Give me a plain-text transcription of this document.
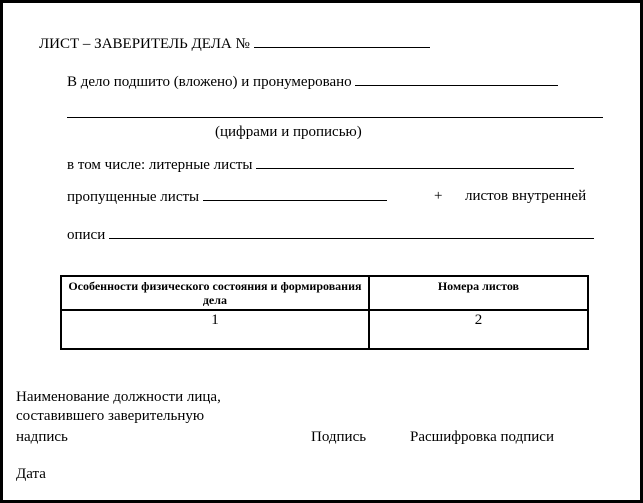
ЛИСТ – ЗАВЕРИТЕЛЬ ДЕЛА №
В дело подшито (вложено) и пронумеровано
(цифрами и прописью)
в том числе: литерные листы
пропущенные листы	+ листов внутренней
описи
Особенности физического состояния и формирования дела	Номера листов
1	2
Наименование должности лица,
составившего заверительную
надпись	Подпись	Расшифровка подписи
Дата
